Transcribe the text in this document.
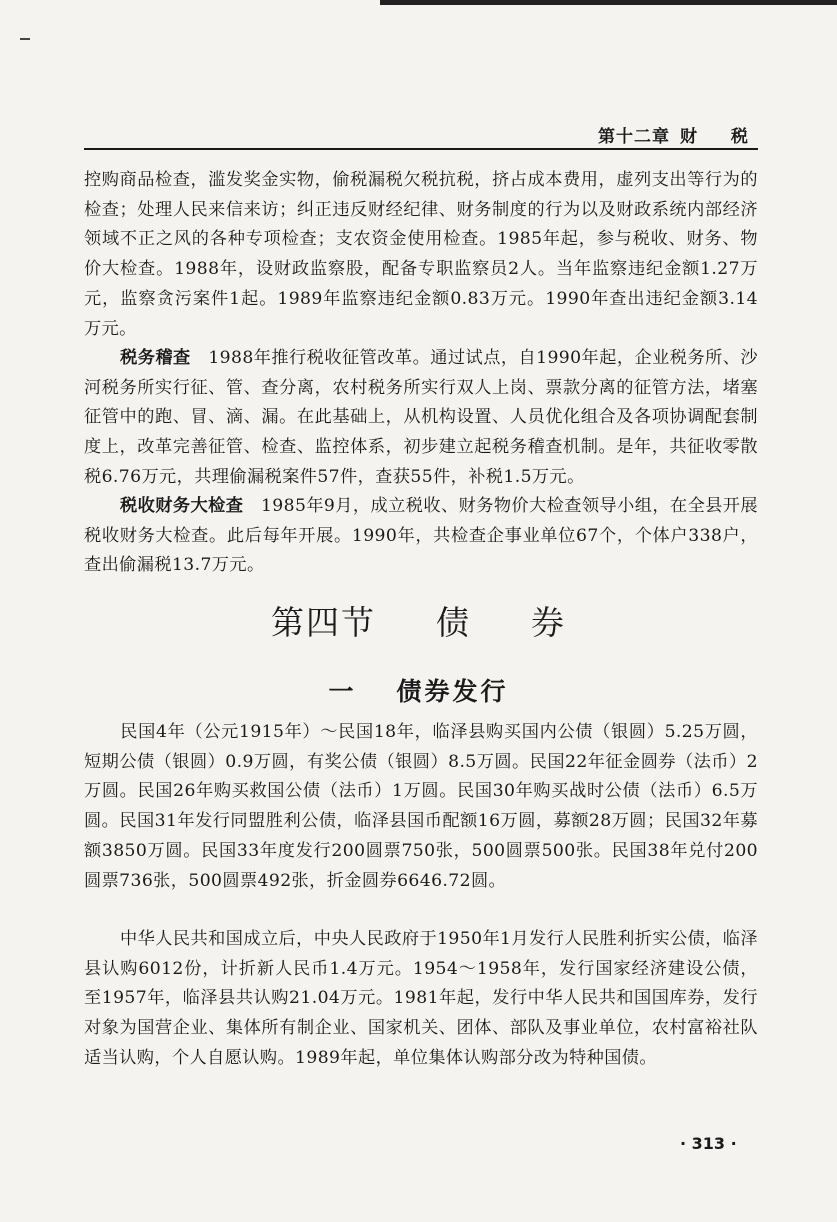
第十二章 财 税

控购商品检查，滥发奖金实物，偷税漏税欠税抗税，挤占成本费用，虚列支出等行为的检查；处理人民来信来访；纠正违反财经纪律、财务制度的行为以及财政系统内部经济领域不正之风的各种专项检查；支农资金使用检查。1985年起，参与税收、财务、物价大检查。1988年，设财政监察股，配备专职监察员2人。当年监察违纪金额1.27万元，监察贪污案件1起。1989年监察违纪金额0.83万元。1990年查出违纪金额3.14万元。

税务稽查　 1988年推行税收征管改革。通过试点，自1990年起，企业税务所、沙河税务所实行征、管、查分离，农村税务所实行双人上岗、票款分离的征管方法，堵塞征管中的跑、冒、滴、漏。在此基础上，从机构设置、人员优化组合及各项协调配套制度上，改革完善征管、检查、监控体系，初步建立起税务稽查机制。是年，共征收零散税6.76万元，共理偷漏税案件57件，查获55件，补税1.5万元。

税收财务大检查　 1985年9月，成立税收、财务物价大检查领导小组，在全县开展税收财务大检查。此后每年开展。1990年，共检查企事业单位67个，个体户338户，查出偷漏税13.7万元。

第四节 债 券
一 债券发行

民国4年（公元1915年）～民国18年，临泽县购买国内公债（银圆）5.25万圆，短期公债（银圆）0.9万圆，有奖公债（银圆）8.5万圆。民国22年征金圆券（法币）2万圆。民国26年购买救国公债（法币）1万圆。民国30年购买战时公债（法币）6.5万圆。民国31年发行同盟胜利公债，临泽县国币配额16万圆，募额28万圆；民国32年募额3850万圆。民国33年度发行200圆票750张，500圆票500张。民国38年兑付200圆票736张，500圆票492张，折金圆券6646.72圆。

中华人民共和国成立后，中央人民政府于1950年1月发行人民胜利折实公债，临泽县认购6012份，计折新人民币1.4万元。1954～1958年，发行国家经济建设公债，至1957年，临泽县共认购21.04万元。1981年起，发行中华人民共和国国库券，发行对象为国营企业、集体所有制企业、国家机关、团体、部队及事业单位，农村富裕社队适当认购，个人自愿认购。1989年起，单位集体认购部分改为特种国债。

· 313 ·
